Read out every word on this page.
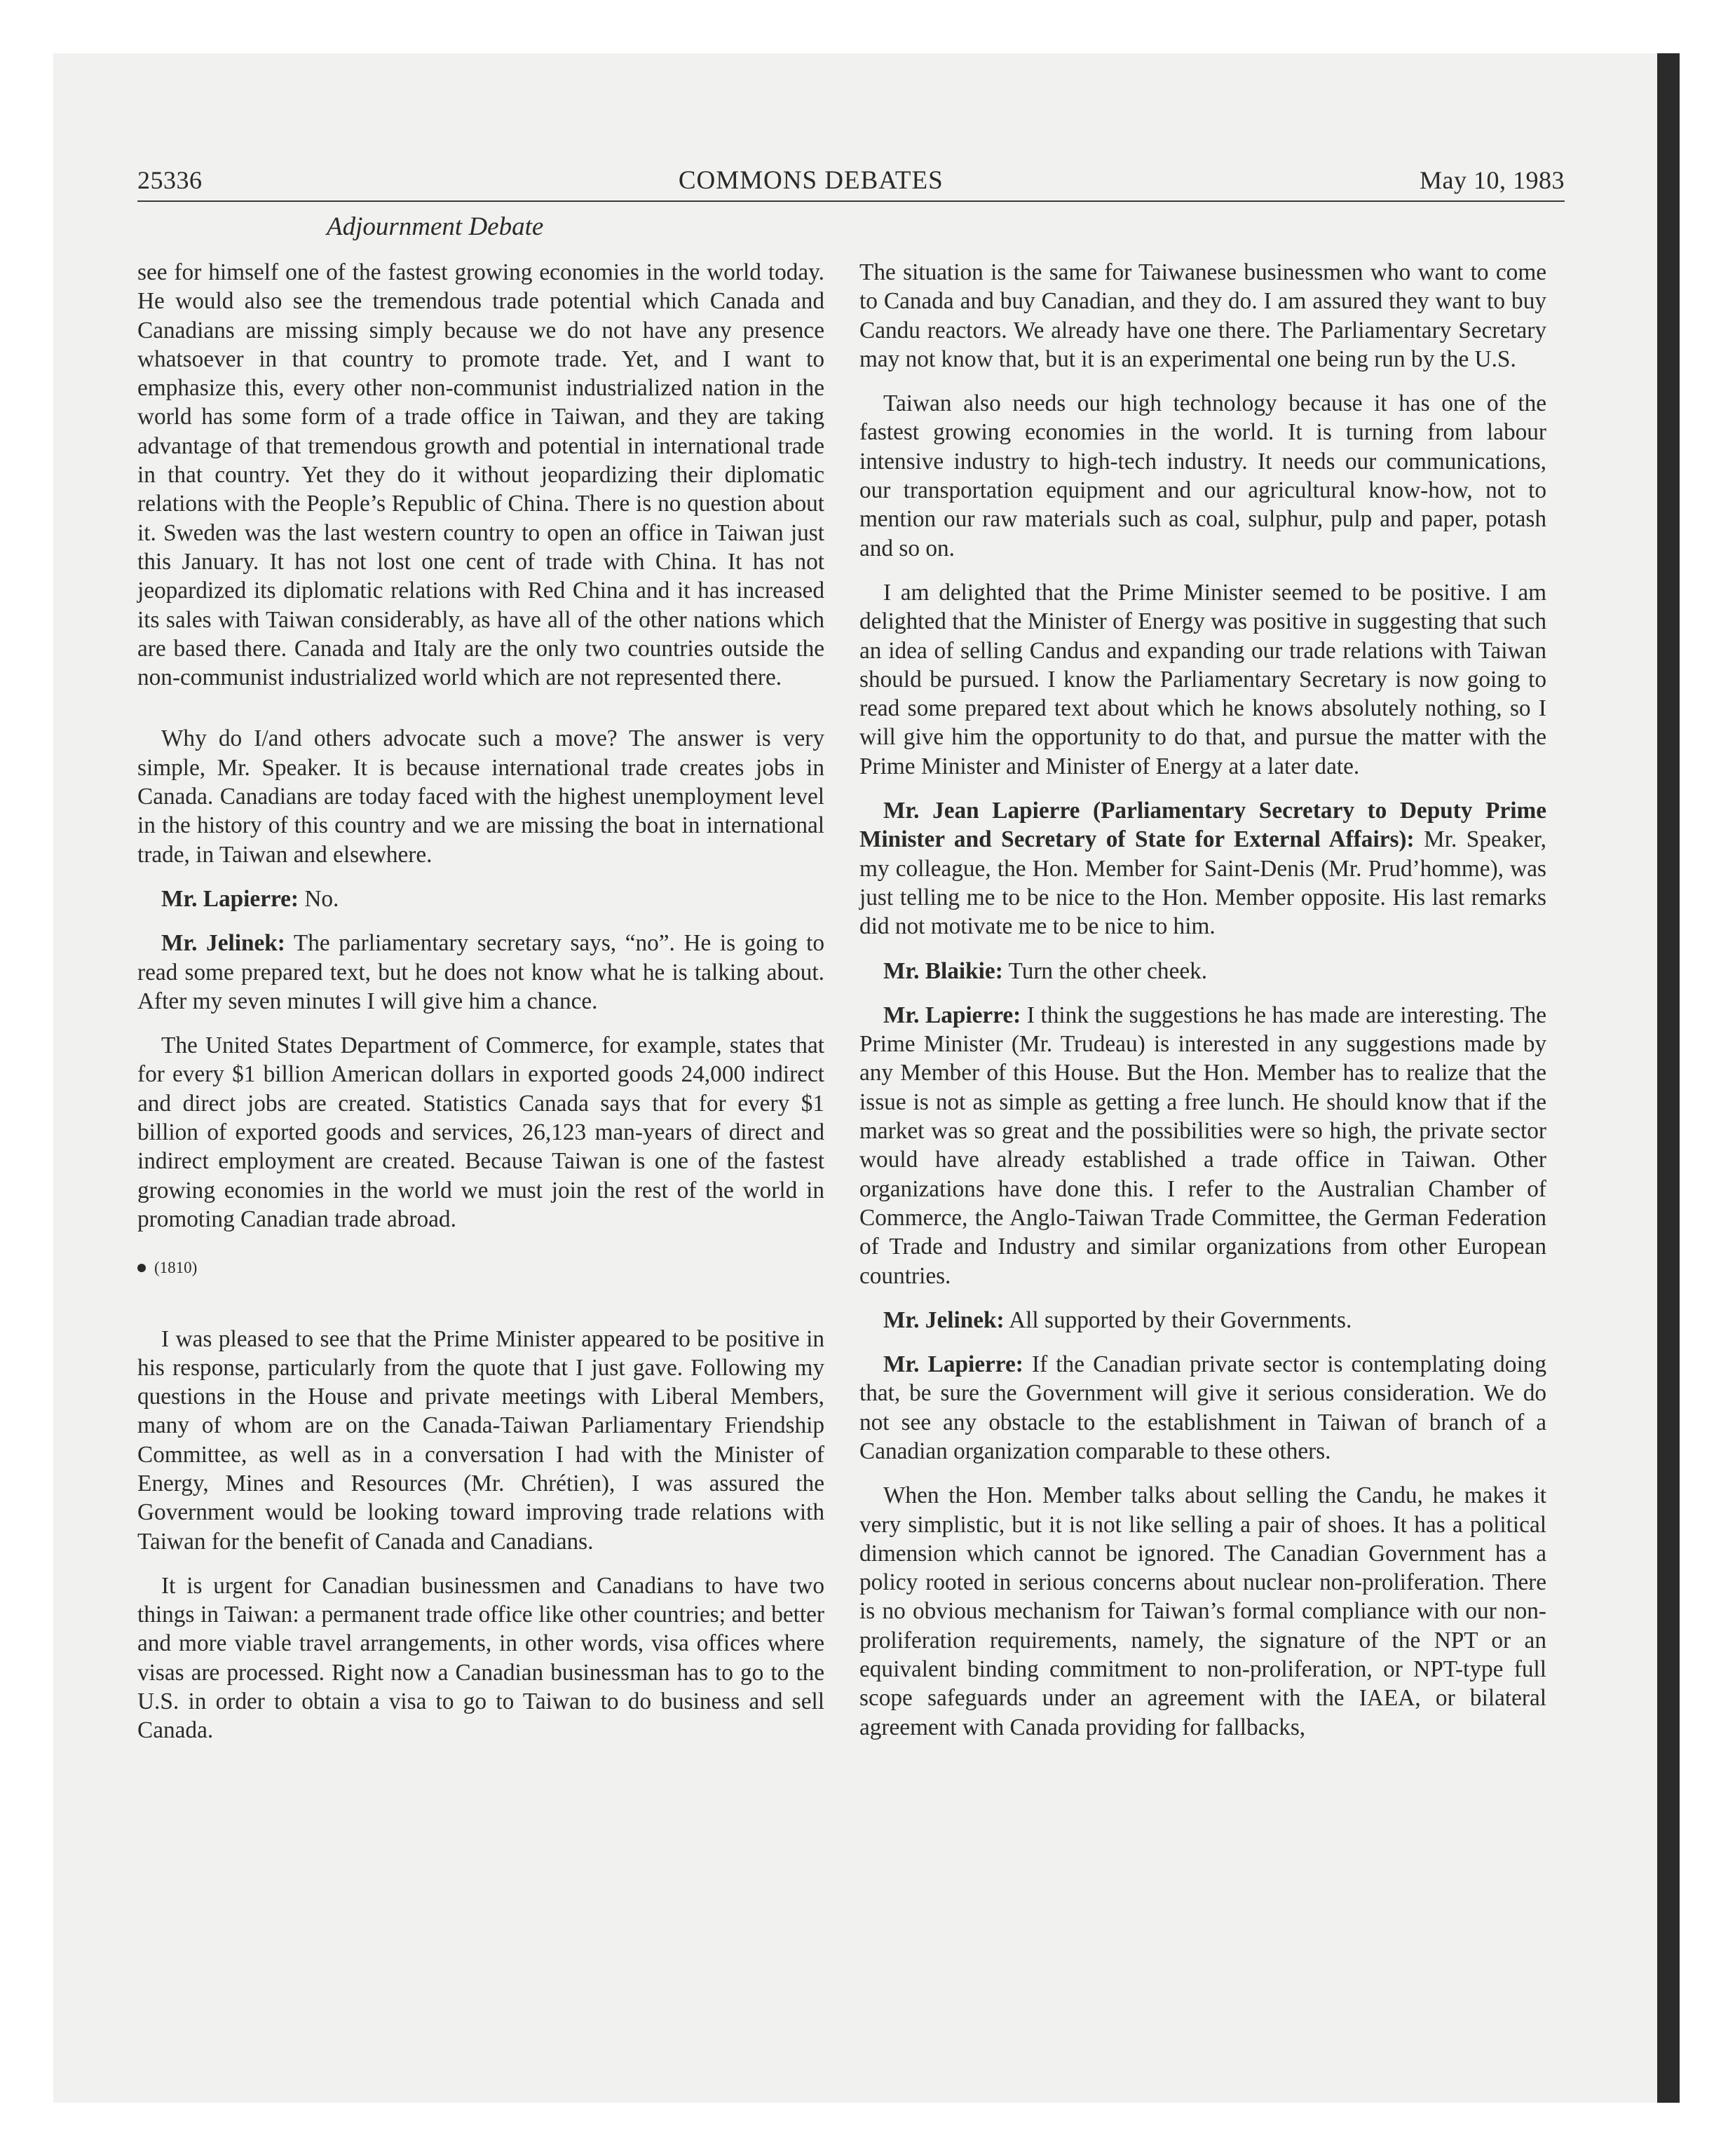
25336	COMMONS DEBATES	May 10, 1983
Adjournment Debate

see for himself one of the fastest growing economies in the world today. He would also see the tremendous trade potential which Canada and Canadians are missing simply because we do not have any presence whatsoever in that country to promote trade. Yet, and I want to emphasize this, every other non-communist industrialized nation in the world has some form of a trade office in Taiwan, and they are taking advantage of that tremendous growth and potential in international trade in that country. Yet they do it without jeopardizing their diplomatic relations with the People’s Republic of China. There is no question about it. Sweden was the last western country to open an office in Taiwan just this January. It has not lost one cent of trade with China. It has not jeopardized its diplomatic relations with Red China and it has increased its sales with Taiwan considerably, as have all of the other nations which are based there. Canada and Italy are the only two countries outside the non-communist industrialized world which are not represented there.

Why do I/and others advocate such a move? The answer is very simple, Mr. Speaker. It is because international trade creates jobs in Canada. Canadians are today faced with the highest unemployment level in the history of this country and we are missing the boat in international trade, in Taiwan and elsewhere.

Mr. Lapierre: No.

Mr. Jelinek: The parliamentary secretary says, “no”. He is going to read some prepared text, but he does not know what he is talking about. After my seven minutes I will give him a chance.

The United States Department of Commerce, for example, states that for every $1 billion American dollars in exported goods 24,000 indirect and direct jobs are created. Statistics Canada says that for every $1 billion of exported goods and services, 26,123 man-years of direct and indirect employment are created. Because Taiwan is one of the fastest growing economies in the world we must join the rest of the world in promoting Canadian trade abroad.

(1810)

I was pleased to see that the Prime Minister appeared to be positive in his response, particularly from the quote that I just gave. Following my questions in the House and private meetings with Liberal Members, many of whom are on the Canada-Taiwan Parliamentary Friendship Committee, as well as in a conversation I had with the Minister of Energy, Mines and Resources (Mr. Chrétien), I was assured the Government would be looking toward improving trade relations with Taiwan for the benefit of Canada and Canadians.

It is urgent for Canadian businessmen and Canadians to have two things in Taiwan: a permanent trade office like other countries; and better and more viable travel arrangements, in other words, visa offices where visas are processed. Right now a Canadian businessman has to go to the U.S. in order to obtain a visa to go to Taiwan to do business and sell Canada.

The situation is the same for Taiwanese businessmen who want to come to Canada and buy Canadian, and they do. I am assured they want to buy Candu reactors. We already have one there. The Parliamentary Secretary may not know that, but it is an experimental one being run by the U.S.

Taiwan also needs our high technology because it has one of the fastest growing economies in the world. It is turning from labour intensive industry to high-tech industry. It needs our communications, our transportation equipment and our agricultural know-how, not to mention our raw materials such as coal, sulphur, pulp and paper, potash and so on.

I am delighted that the Prime Minister seemed to be positive. I am delighted that the Minister of Energy was positive in suggesting that such an idea of selling Candus and expanding our trade relations with Taiwan should be pursued. I know the Parliamentary Secretary is now going to read some prepared text about which he knows absolutely nothing, so I will give him the opportunity to do that, and pursue the matter with the Prime Minister and Minister of Energy at a later date.

Mr. Jean Lapierre (Parliamentary Secretary to Deputy Prime Minister and Secretary of State for External Affairs): Mr. Speaker, my colleague, the Hon. Member for Saint-Denis (Mr. Prud’homme), was just telling me to be nice to the Hon. Member opposite. His last remarks did not motivate me to be nice to him.

Mr. Blaikie: Turn the other cheek.

Mr. Lapierre: I think the suggestions he has made are interesting. The Prime Minister (Mr. Trudeau) is interested in any suggestions made by any Member of this House. But the Hon. Member has to realize that the issue is not as simple as getting a free lunch. He should know that if the market was so great and the possibilities were so high, the private sector would have already established a trade office in Taiwan. Other organizations have done this. I refer to the Australian Chamber of Commerce, the Anglo-Taiwan Trade Committee, the German Federation of Trade and Industry and similar organizations from other European countries.

Mr. Jelinek: All supported by their Governments.

Mr. Lapierre: If the Canadian private sector is contemplating doing that, be sure the Government will give it serious consideration. We do not see any obstacle to the establishment in Taiwan of branch of a Canadian organization comparable to these others.

When the Hon. Member talks about selling the Candu, he makes it very simplistic, but it is not like selling a pair of shoes. It has a political dimension which cannot be ignored. The Canadian Government has a policy rooted in serious concerns about nuclear non-proliferation. There is no obvious mechanism for Taiwan’s formal compliance with our non-proliferation requirements, namely, the signature of the NPT or an equivalent binding commitment to non-proliferation, or NPT-type full scope safeguards under an agreement with the IAEA, or bilateral agreement with Canada providing for fallbacks,
